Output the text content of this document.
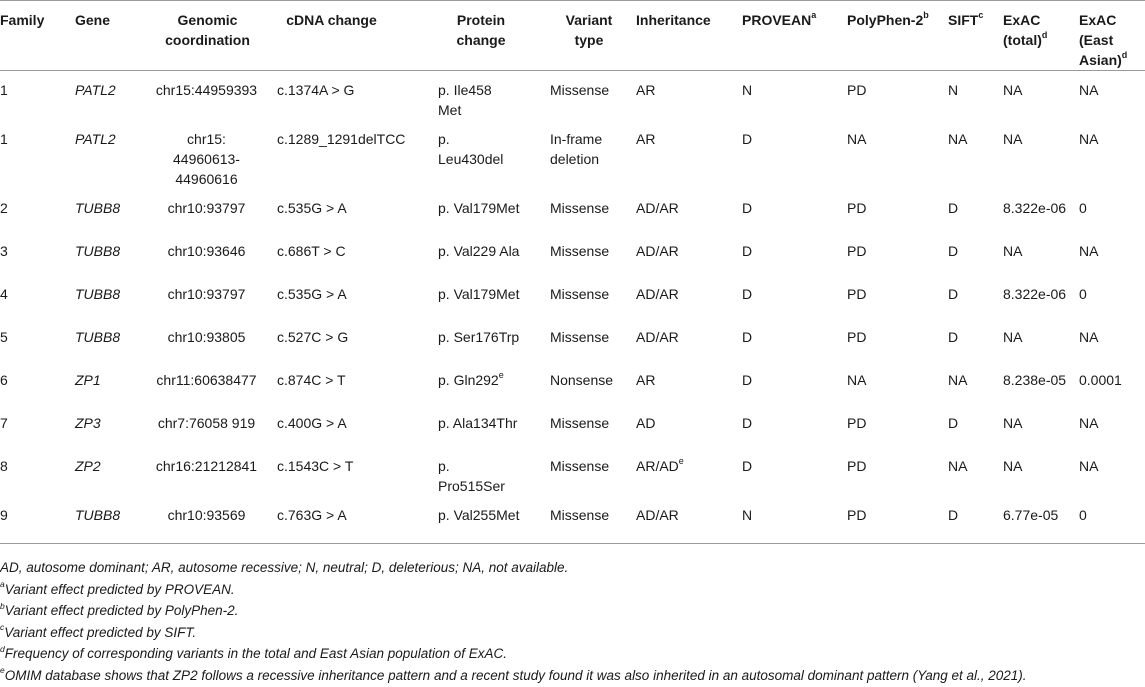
Family	Gene	Genomic coordination	cDNA change	Protein change	Variant type	Inheritance	PROVEAN$^a$	PolyPhen-2$^b$	SIFT$^c$	ExAC (total)$^d$	ExAC (East Asian)$^d$
1	PATL2	chr15:44959393	c.1374A > G	p. Ile458 Met	Missense	AR	N	PD	N	NA	NA
1	PATL2	chr15: 44960613-44960616	c.1289_1291delTCC	p. Leu430del	In-frame deletion	AR	D	NA	NA	NA	NA
2	TUBB8	chr10:93797	c.535G > A	p. Val179Met	Missense	AD/AR	D	PD	D	8.322e-06	0
3	TUBB8	chr10:93646	c.686T > C	p. Val229 Ala	Missense	AD/AR	D	PD	D	NA	NA
4	TUBB8	chr10:93797	c.535G > A	p. Val179Met	Missense	AD/AR	D	PD	D	8.322e-06	0
5	TUBB8	chr10:93805	c.527C > G	p. Ser176Trp	Missense	AD/AR	D	PD	D	NA	NA
6	ZP1	chr11:60638477	c.874C > T	p. Gln292e	Nonsense	AR	D	NA	NA	8.238e-05	0.0001
7	ZP3	chr7:76058 919	c.400G > A	p. Ala134Thr	Missense	AD	D	PD	D	NA	NA
8	ZP2	chr16:21212841	c.1543C > T	p. Pro515Ser	Missense	$AR/AD^e$	D	PD	NA	NA	NA
9	TUBB8	chr10:93569	c.763G > A	p. Val255Met	Missense	AD/AR	N	PD	D	6.77e-05	0
AD, autosome dominant; AR, autosome recessive; N, neutral; D, deleterious; NA, not available.
$^a$Variant effect predicted by PROVEAN.
$^b$Variant effect predicted by PolyPhen-2.
$^c$Variant effect predicted by SIFT.
$^d$Frequency of corresponding variants in the total and East Asian population of ExAC.
$^e$OMIM database shows that ZP2 follows a recessive inheritance pattern and a recent study found it was also inherited in an autosomal dominant pattern (Yang et al., 2021).
